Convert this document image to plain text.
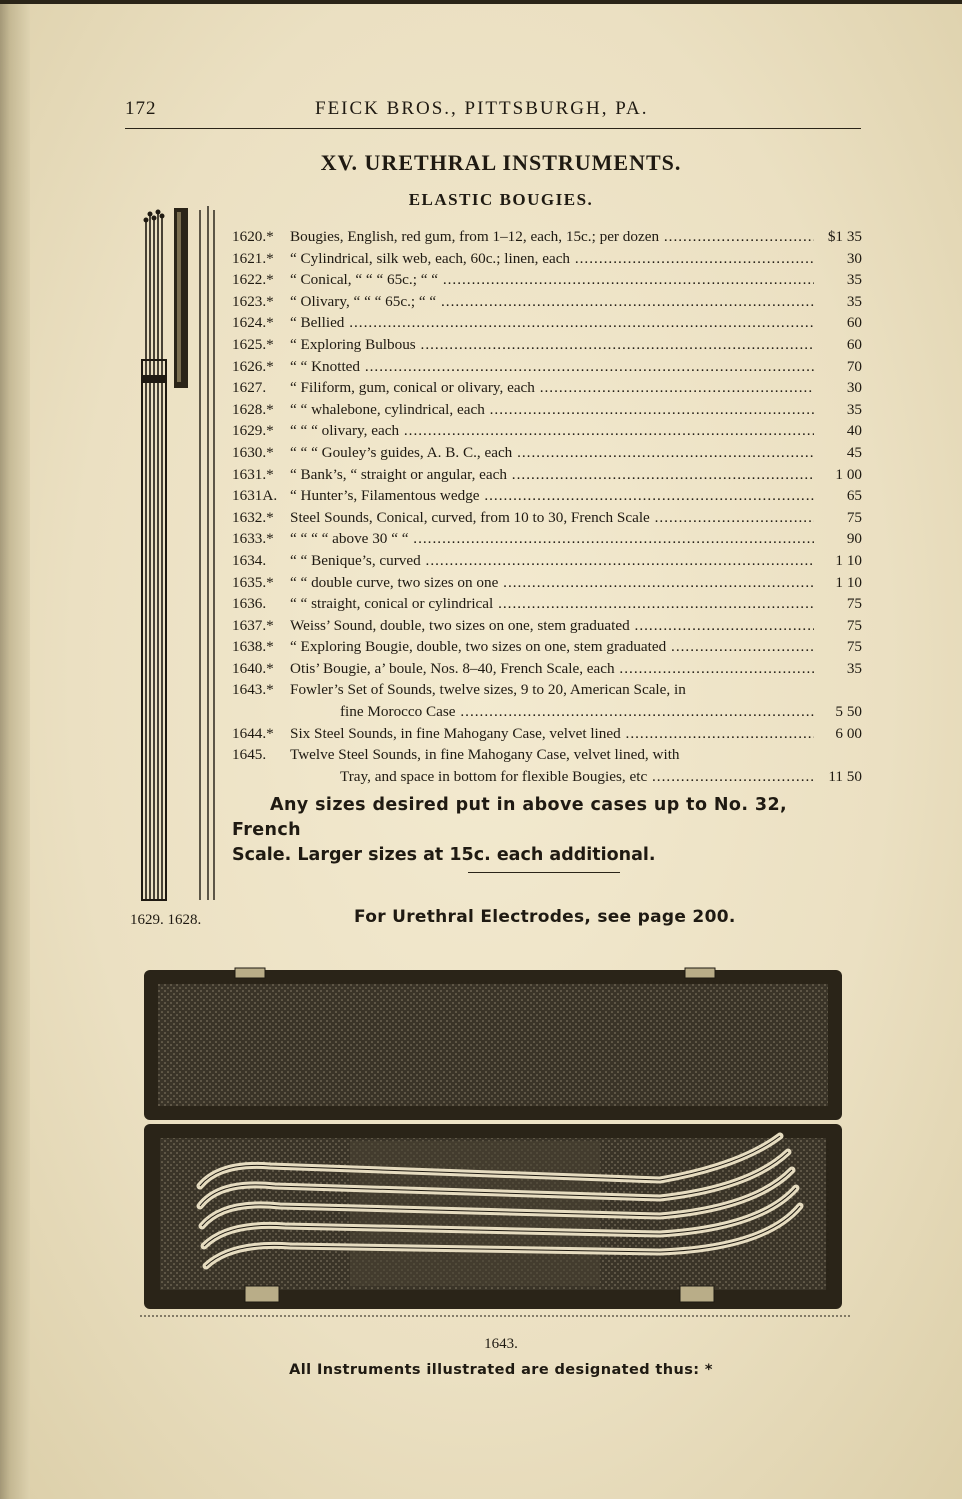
172	FEICK BROS., PITTSBURGH, PA.
XV. URETHRAL INSTRUMENTS.
ELASTIC BOUGIES.
1620.*	Bougies, English, red gum, from 1–12, each, 15c.; per dozen .....	$1 35
1621.*	“ Cylindrical, silk web, each, 60c.; linen, each .....	30
1622.*	“ Conical, “ “ “ 65c.; “ “ .....	35
1623.*	“ Olivary, “ “ “ 65c.; “ “ .....	35
1624.*	“ Bellied .....	60
1625.*	“ Exploring Bulbous .....	60
1626.*	“ “ Knotted .....	70
1627.	“ Filiform, gum, conical or olivary, each .....	30
1628.*	“ “ whalebone, cylindrical, each .....	35
1629.*	“ “ “ olivary, each .....	40
1630.*	“ “ “ Gouley’s guides, A. B. C., each .....	45
1631.*	“ Bank’s, “ straight or angular, each .....	1 00
1631A. “ Hunter’s, Filamentous wedge .....	65
1632.*	Steel Sounds, Conical, curved, from 10 to 30, French Scale .....	75
1633.*	“ “ “ “ above 30 “ “ .....	90
1634.	“ “ Benique’s, curved .....	1 10
1635.*	“ “ double curve, two sizes on one .....	1 10
1636.	“ “ straight, conical or cylindrical .....	75
1637.*	Weiss’ Sound, double, two sizes on one, stem graduated .....	75
1638.*	“ Exploring Bougie, double, two sizes on one, stem graduated .....	75
1640.*	Otis’ Bougie, a’ boule, Nos. 8–40, French Scale, each .....	35
1643.*	Fowler’s Set of Sounds, twelve sizes, 9 to 20, American Scale, in
fine Morocco Case .....	5 50
1644.*	Six Steel Sounds, in fine Mahogany Case, velvet lined .....	6 00
1645.	Twelve Steel Sounds, in fine Mahogany Case, velvet lined, with
Tray, and space in bottom for flexible Bougies, etc .....	11 50
Any sizes desired put in above cases up to No. 32, French
Scale. Larger sizes at 15c. each additional.
1629. 1628.	For Urethral Electrodes, see page 200.
1643.
All Instruments illustrated are designated thus: *
